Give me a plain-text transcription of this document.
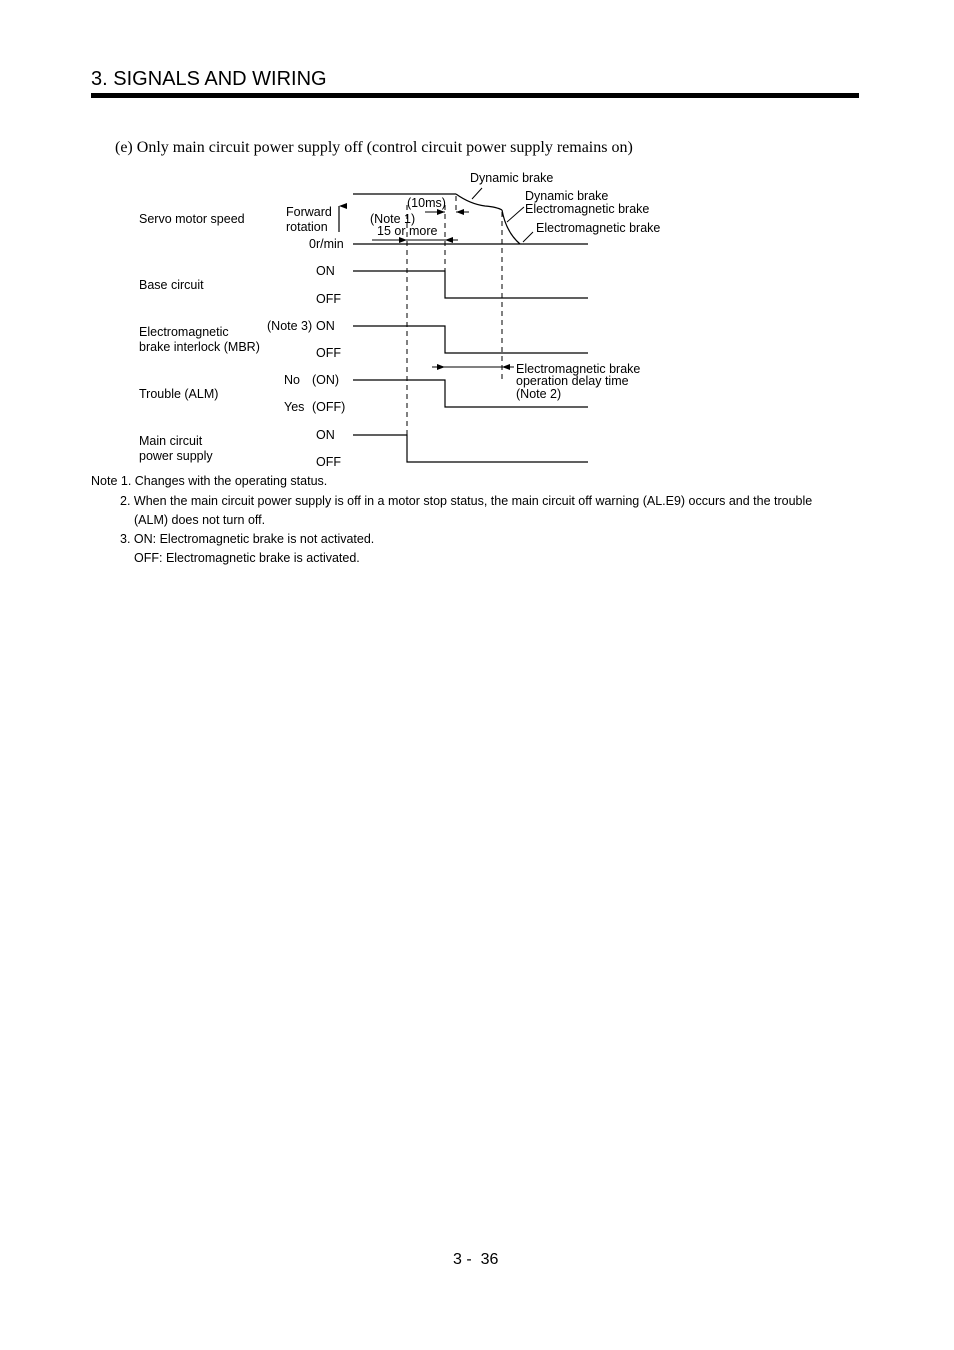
3. SIGNALS AND WIRING
(e) Only main circuit power supply off (control circuit power supply remains on)
Servo motor speed
Base circuit
Electromagnetic
brake interlock (MBR)
Trouble (ALM)
Main circuit
power supply
Forward
rotation
0r/min
ON
OFF
(Note 3) ON
OFF
No (ON)
Yes (OFF)
ON
OFF
(10ms)
(Note 1)
15 or more
Dynamic brake
Dynamic brake
Electromagnetic brake
Electromagnetic brake
Electromagnetic brake
operation delay time
(Note 2)
Note 1. Changes with the operating status.
2. When the main circuit power supply is off in a motor stop status, the main circuit off warning (AL.E9) occurs and the trouble
(ALM) does not turn off.
3. ON: Electromagnetic brake is not activated.
OFF: Electromagnetic brake is activated.
3 -  36
